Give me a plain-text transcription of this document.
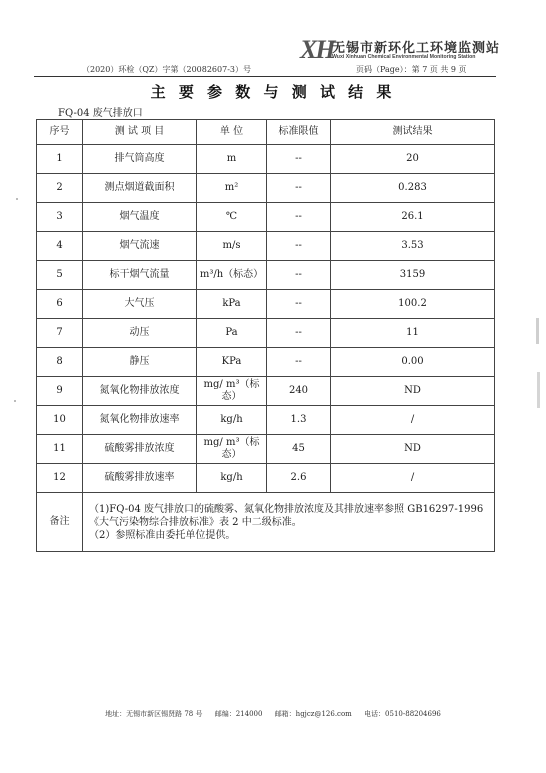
XH
无锡市新环化工环境监测站
Wuxi Xinhuan Chemical Environmental Monitoring Station
（2020）环检（QZ）字第（20082607-3）号	页码（Page）：第 7 页 共 9 页
主 要 参 数 与 测 试 结 果
FQ-04 废气排放口
序号	测 试 项 目	单 位	标准限值	测试结果
1	排气筒高度	m	--	20
2	测点烟道截面积	m²	--	0.283
3	烟气温度	℃	--	26.1
4	烟气流速	m/s	--	3.53
5	标干烟气流量	m³/h（标态）	--	3159
6	大气压	kPa	--	100.2
7	动压	Pa	--	11
8	静压	KPa	--	0.00
9	氮氧化物排放浓度	mg/ m³（标态）	240	ND
10	氮氧化物排放速率	kg/h	1.3	/
11	硫酸雾排放浓度	mg/ m³（标态）	45	ND
12	硫酸雾排放速率	kg/h	2.6	/
备注	（1)FQ-04 废气排放口的硫酸雾、氮氧化物排放浓度及其排放速率参照 GB16297-1996《大气污染物综合排放标准》表 2 中二级标准。
（2）参照标准由委托单位提供。			
地址：无锡市新区锡贤路 78 号 邮编：214000 邮箱：hgjcz@126.com 电话：0510-88204696
